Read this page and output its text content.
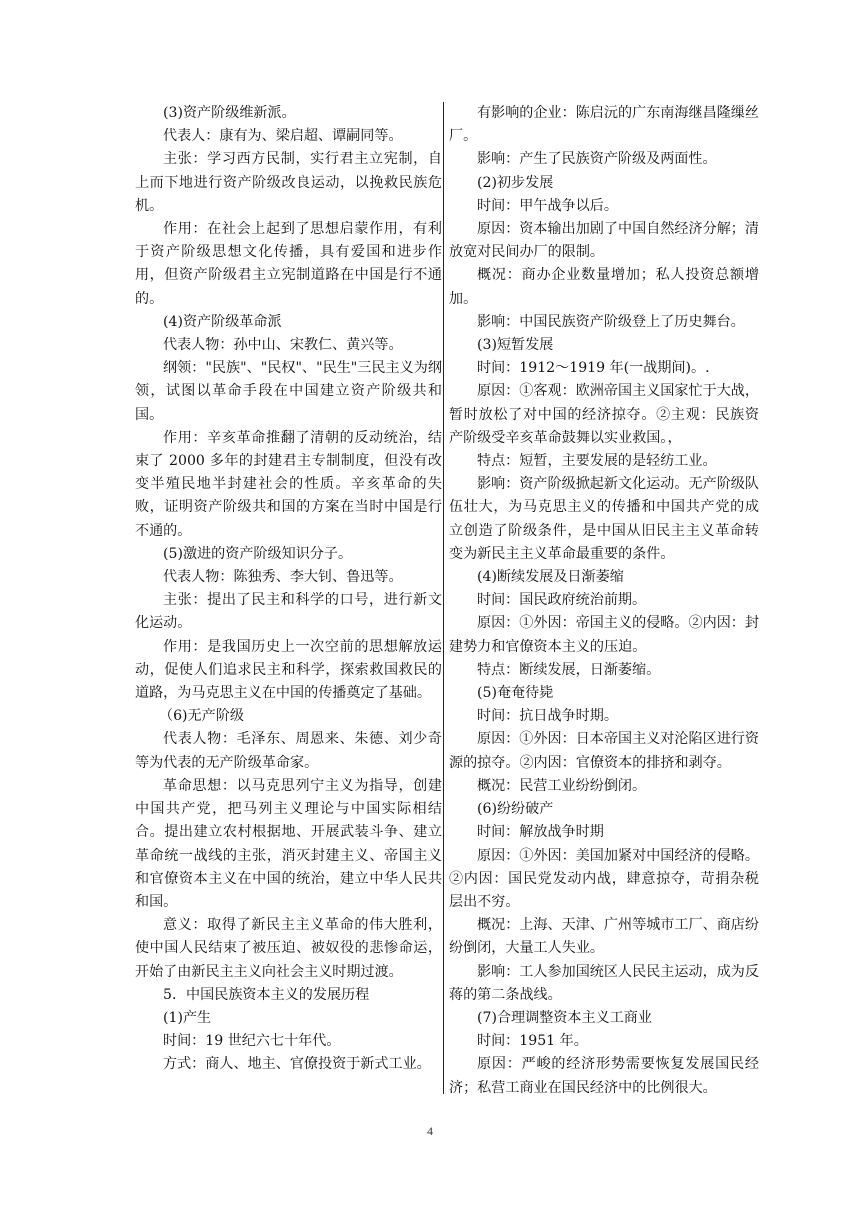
(3)资产阶级维新派。

代表人：康有为、梁启超、谭嗣同等。

主张：学习西方民制，实行君主立宪制，自上而下地进行资产阶级改良运动，以挽救民族危机。

作用：在社会上起到了思想启蒙作用，有利于资产阶级思想文化传播，具有爱国和进步作用，但资产阶级君主立宪制道路在中国是行不通的。

(4)资产阶级革命派

代表人物：孙中山、宋教仁、黄兴等。

纲领："民族"、"民权"、"民生"三民主义为纲领，试图以革命手段在中国建立资产阶级共和国。

作用：辛亥革命推翻了清朝的反动统治，结束了 2000 多年的封建君主专制制度，但没有改变半殖民地半封建社会的性质。辛亥革命的失败，证明资产阶级共和国的方案在当时中国是行不通的。

(5)激进的资产阶级知识分子。

代表人物：陈独秀、李大钊、鲁迅等。

主张：提出了民主和科学的口号，进行新文化运动。

作用：是我国历史上一次空前的思想解放运动，促使人们追求民主和科学，探索救国救民的道路，为马克思主义在中国的传播奠定了基础。

（6)无产阶级

代表人物：毛泽东、周恩来、朱德、刘少奇等为代表的无产阶级革命家。

革命思想：以马克思列宁主义为指导，创建中国共产党，把马列主义理论与中国实际相结合。提出建立农村根据地、开展武装斗争、建立革命统一战线的主张，消灭封建主义、帝国主义和官僚资本主义在中国的统治，建立中华人民共和国。

意义：取得了新民主主义革命的伟大胜利，使中国人民结束了被压迫、被奴役的悲惨命运，开始了由新民主主义向社会主义时期过渡。

5．中国民族资本主义的发展历程

(1)产生

时间：19 世纪六七十年代。

方式：商人、地主、官僚投资于新式工业。

有影响的企业：陈启沅的广东南海继昌隆缫丝厂。

影响：产生了民族资产阶级及两面性。

(2)初步发展

时间：甲午战争以后。

原因：资本输出加剧了中国自然经济分解；清放宽对民间办厂的限制。

概况：商办企业数量增加；私人投资总额增加。

影响：中国民族资产阶级登上了历史舞台。

(3)短暂发展

时间：1912～1919 年(一战期间)。.

原因：①客观：欧洲帝国主义国家忙于大战，暂时放松了对中国的经济掠夺。②主观：民族资产阶级受辛亥革命鼓舞以实业救国。，

特点：短暂，主要发展的是轻纺工业。

影响：资产阶级掀起新文化运动。无产阶级队伍壮大，为马克思主义的传播和中国共产党的成立创造了阶级条件，是中国从旧民主主义革命转变为新民主主义革命最重要的条件。

(4)断续发展及日渐萎缩

时间：国民政府统治前期。

原因：①外因：帝国主义的侵略。②内因：封建势力和官僚资本主义的压迫。

特点：断续发展，日渐萎缩。

(5)奄奄待毙

时间：抗日战争时期。

原因：①外因：日本帝国主义对沦陷区进行资源的掠夺。②内因：官僚资本的排挤和剥夺。

概况：民营工业纷纷倒闭。

(6)纷纷破产

时间：解放战争时期

原因：①外因：美国加紧对中国经济的侵略。②内因：国民党发动内战，肆意掠夺，苛捐杂税层出不穷。

概况：上海、天津、广州等城市工厂、商店纷纷倒闭，大量工人失业。

影响：工人参加国统区人民民主运动，成为反蒋的第二条战线。

(7)合理调整资本主义工商业

时间：1951 年。

原因：严峻的经济形势需要恢复发展国民经济；私营工商业在国民经济中的比例很大。

4
